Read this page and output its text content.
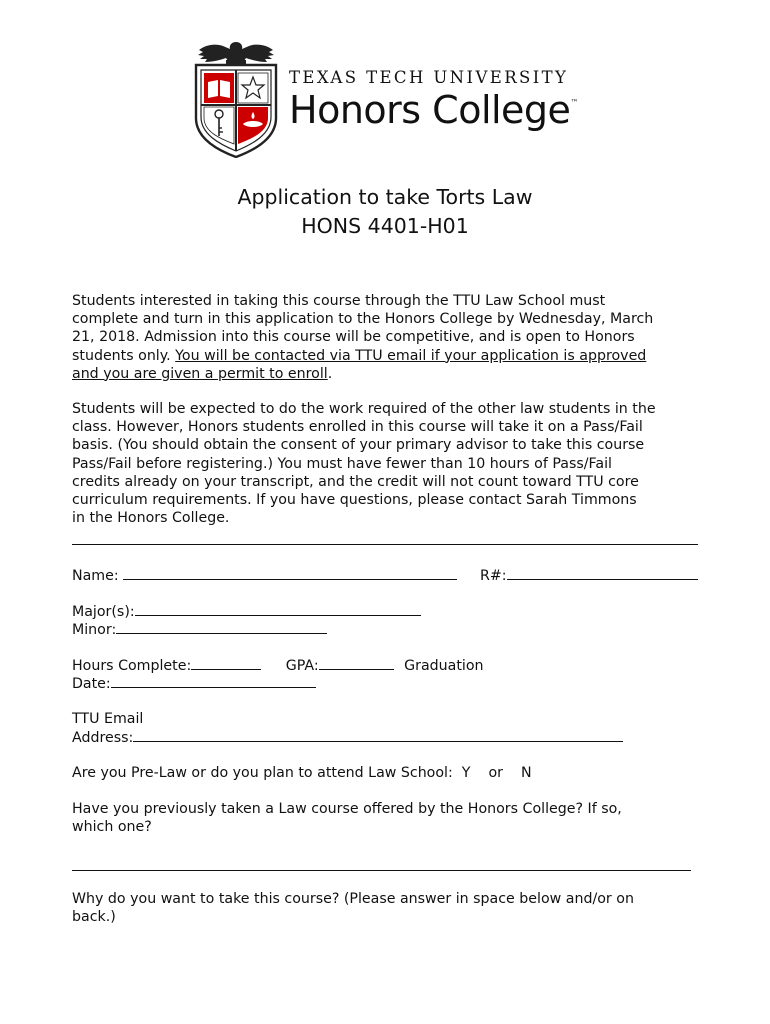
TEXAS TECH UNIVERSITY
Honors College™
Application to take Torts Law
HONS 4401-H01

Students interested in taking this course through the TTU Law School must
complete and turn in this application to the Honors College by Wednesday, March
21, 2018. Admission into this course will be competitive, and is open to Honors
students only. You will be contacted via TTU email if your application is approved
and you are given a permit to enroll.

Students will be expected to do the work required of the other law students in the
class. However, Honors students enrolled in this course will take it on a Pass/Fail
basis. (You should obtain the consent of your primary advisor to take this course
Pass/Fail before registering.) You must have fewer than 10 hours of Pass/Fail
credits already on your transcript, and the credit will not count toward TTU core
curriculum requirements. If you have questions, please contact Sarah Timmons
in the Honors College.

Name:	R#:
Major(s):
Minor:
Hours Complete:	GPA:	Graduation
Date:
TTU Email
Address:
Are you Pre-Law or do you plan to attend Law School:  Y    or    N
Have you previously taken a Law course offered by the Honors College? If so,
which one?
Why do you want to take this course? (Please answer in space below and/or on
back.)
